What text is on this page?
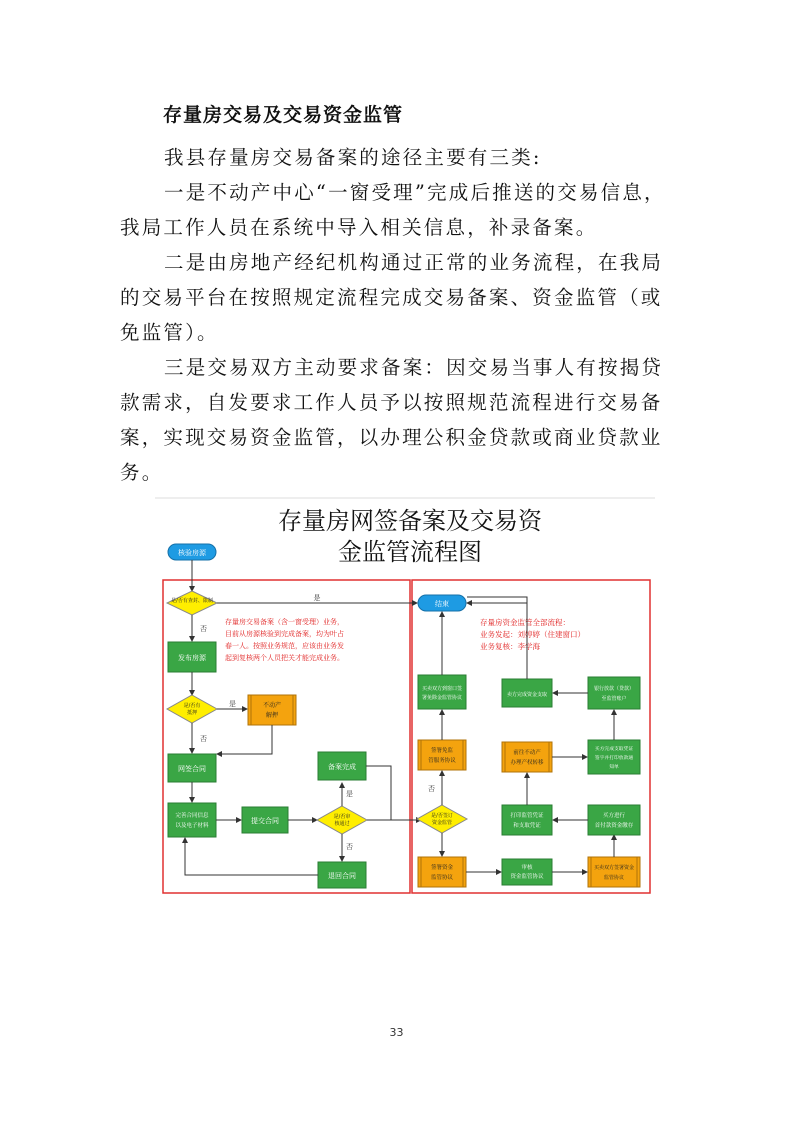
存量房交易及交易资金监管

我县存量房交易备案的途径主要有三类:

一是不动产中心“一窗受理”完成后推送的交易信息，我局工作人员在系统中导入相关信息，补录备案。

二是由房地产经纪机构通过正常的业务流程，在我局的交易平台在按照规定流程完成交易备案、资金监管（或免监管）。

三是交易双方主动要求备案：因交易当事人有按揭贷款需求，自发要求工作人员予以按照规范流程进行交易备案，实现交易资金监管，以办理公积金贷款或商业贷款业务。

存量房网签备案及交易资
金监管流程图
核验房源
是/否有查封、限制	是
否
发布房源
是/否有
抵押
是
否
不动产
解押
网签合同
完善合同信息
以及电子材料
提交合同	是/否审
核通过
是
否
备案完成
退回合同
存量房交易备案（含一窗受理）业务，
目前从房源核验到完成备案，均为叶占
春一人。按照业务规范，应该由业务发
起到复核两个人员把关才能完成业务。
结束
存量房资金监管全部流程：
业务发起：刘婷婷（住建窗口）
业务复核：李学海
买卖双方到窗口签
署免除金监管协议
签署免监
管服务协议
是/否签订
资金监管
否
签署资金
监管协议
审核
资金监管协议
买卖双方签署资金
监管协议
买方进行
首付款资金缴存
打印监管凭证
和支取凭证
前往不动产
办理产权转移
买方完成支取凭证
签字并打印放款通
知单
银行放款（贷款）
至监管账户
卖方完成资金支取
33
